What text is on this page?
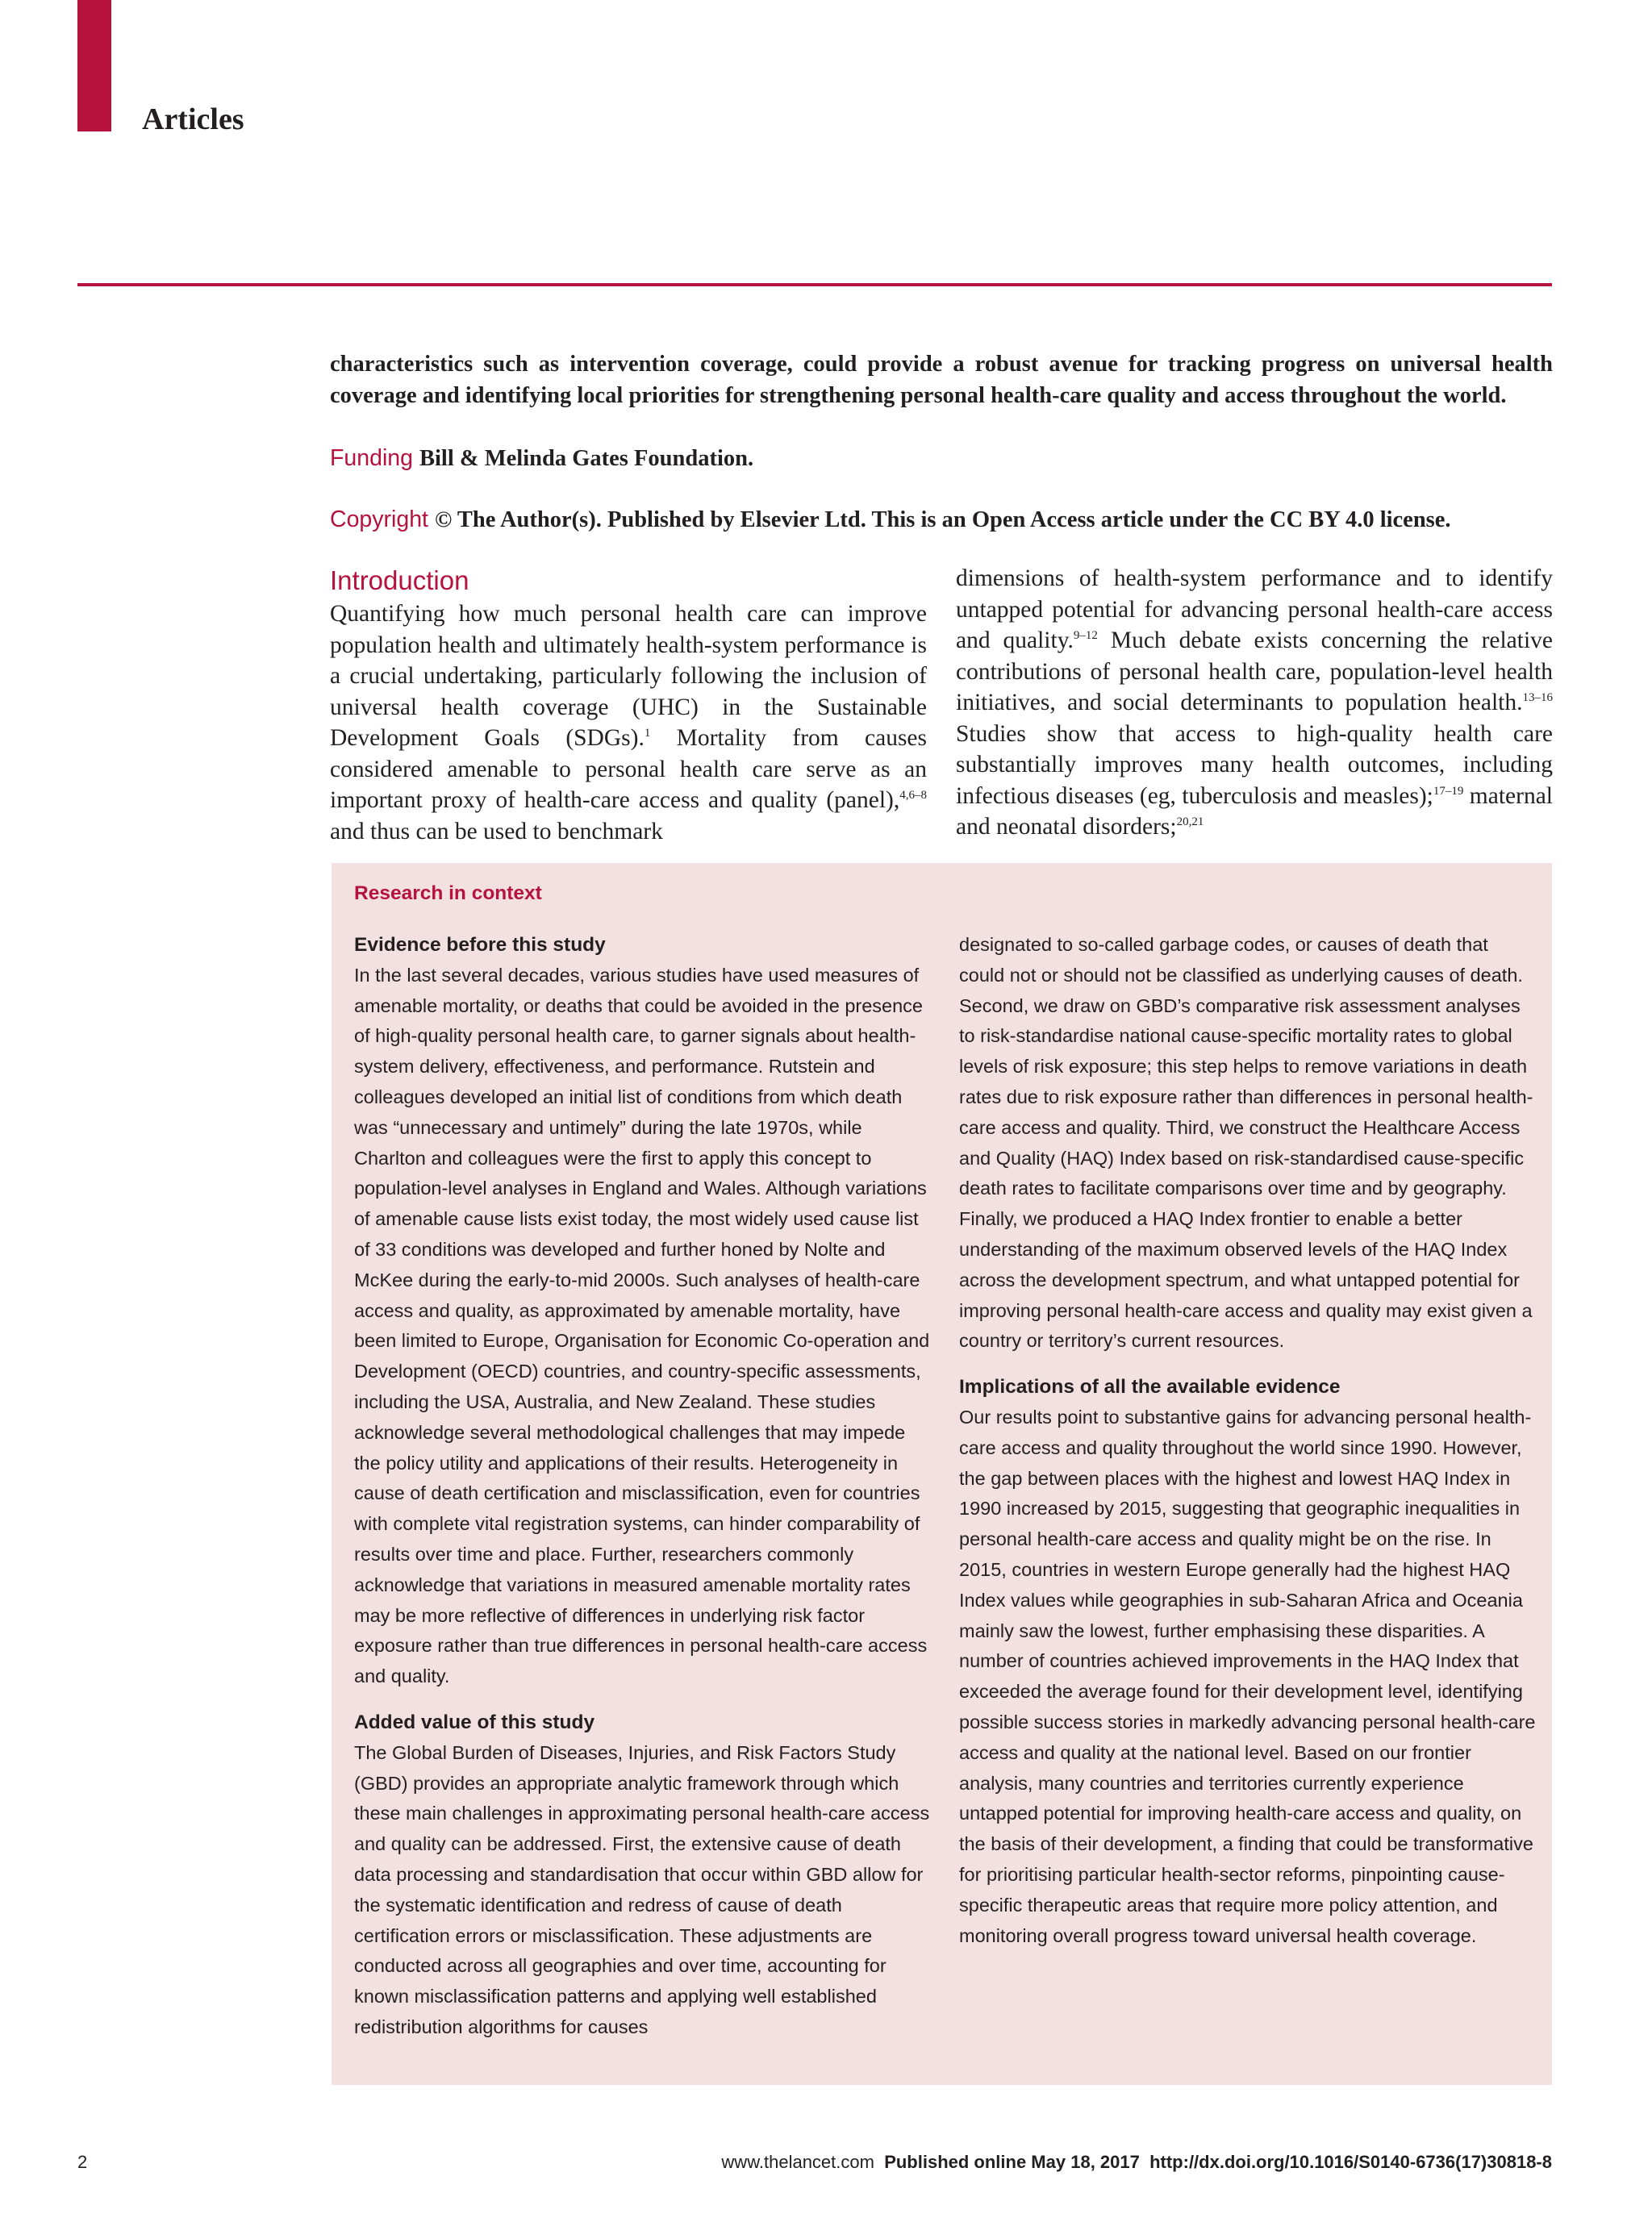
Articles

characteristics such as intervention coverage, could provide a robust avenue for tracking progress on universal health coverage and identifying local priorities for strengthening personal health-care quality and access throughout the world.

Funding Bill & Melinda Gates Foundation.

Copyright © The Author(s). Published by Elsevier Ltd. This is an Open Access article under the CC BY 4.0 license.

Introduction

Quantifying how much personal health care can improve population health and ultimately health-system performance is a crucial undertaking, particularly following the inclusion of universal health coverage (UHC) in the Sustainable Development Goals (SDGs).$^1$ Mortality from causes considered amenable to personal health care serve as an important proxy of health-care access and quality (panel),$^{4,6-8}$ and thus can be used to benchmark

dimensions of health-system performance and to identify untapped potential for advancing personal health-care access and quality.$^{9-12}$ Much debate exists concerning the relative contributions of personal health care, population-level health initiatives, and social determinants to population health.$^{13-16}$ Studies show that access to high-quality health care substantially improves many health outcomes, including infectious diseases (eg, tuberculosis and measles);$^{17-19}$ maternal and neonatal disorders;$^{20,21}$

Research in context
Evidence before this study

In the last several decades, various studies have used measures of amenable mortality, or deaths that could be avoided in the presence of high-quality personal health care, to garner signals about health-system delivery, effectiveness, and performance. Rutstein and colleagues developed an initial list of conditions from which death was “unnecessary and untimely” during the late 1970s, while Charlton and colleagues were the first to apply this concept to population-level analyses in England and Wales. Although variations of amenable cause lists exist today, the most widely used cause list of 33 conditions was developed and further honed by Nolte and McKee during the early-to-mid 2000s. Such analyses of health-care access and quality, as approximated by amenable mortality, have been limited to Europe, Organisation for Economic Co-operation and Development (OECD) countries, and country-specific assessments, including the USA, Australia, and New Zealand. These studies acknowledge several methodological challenges that may impede the policy utility and applications of their results. Heterogeneity in cause of death certification and misclassification, even for countries with complete vital registration systems, can hinder comparability of results over time and place. Further, researchers commonly acknowledge that variations in measured amenable mortality rates may be more reflective of differences in underlying risk factor exposure rather than true differences in personal health-care access and quality.

Added value of this study

The Global Burden of Diseases, Injuries, and Risk Factors Study (GBD) provides an appropriate analytic framework through which these main challenges in approximating personal health-care access and quality can be addressed. First, the extensive cause of death data processing and standardisation that occur within GBD allow for the systematic identification and redress of cause of death certification errors or misclassification. These adjustments are conducted across all geographies and over time, accounting for known misclassification patterns and applying well established redistribution algorithms for causes

designated to so-called garbage codes, or causes of death that could not or should not be classified as underlying causes of death. Second, we draw on GBD’s comparative risk assessment analyses to risk-standardise national cause-specific mortality rates to global levels of risk exposure; this step helps to remove variations in death rates due to risk exposure rather than differences in personal health-care access and quality. Third, we construct the Healthcare Access and Quality (HAQ) Index based on risk-standardised cause-specific death rates to facilitate comparisons over time and by geography. Finally, we produced a HAQ Index frontier to enable a better understanding of the maximum observed levels of the HAQ Index across the development spectrum, and what untapped potential for improving personal health-care access and quality may exist given a country or territory’s current resources.

Implications of all the available evidence

Our results point to substantive gains for advancing personal health-care access and quality throughout the world since 1990. However, the gap between places with the highest and lowest HAQ Index in 1990 increased by 2015, suggesting that geographic inequalities in personal health-care access and quality might be on the rise. In 2015, countries in western Europe generally had the highest HAQ Index values while geographies in sub-Saharan Africa and Oceania mainly saw the lowest, further emphasising these disparities. A number of countries achieved improvements in the HAQ Index that exceeded the average found for their development level, identifying possible success stories in markedly advancing personal health-care access and quality at the national level. Based on our frontier analysis, many countries and territories currently experience untapped potential for improving health-care access and quality, on the basis of their development, a finding that could be transformative for prioritising particular health-sector reforms, pinpointing cause-specific therapeutic areas that require more policy attention, and monitoring overall progress toward universal health coverage.

2	www.thelancet.com Published online May 18, 2017 http://dx.doi.org/10.1016/S0140-6736(17)30818-8
